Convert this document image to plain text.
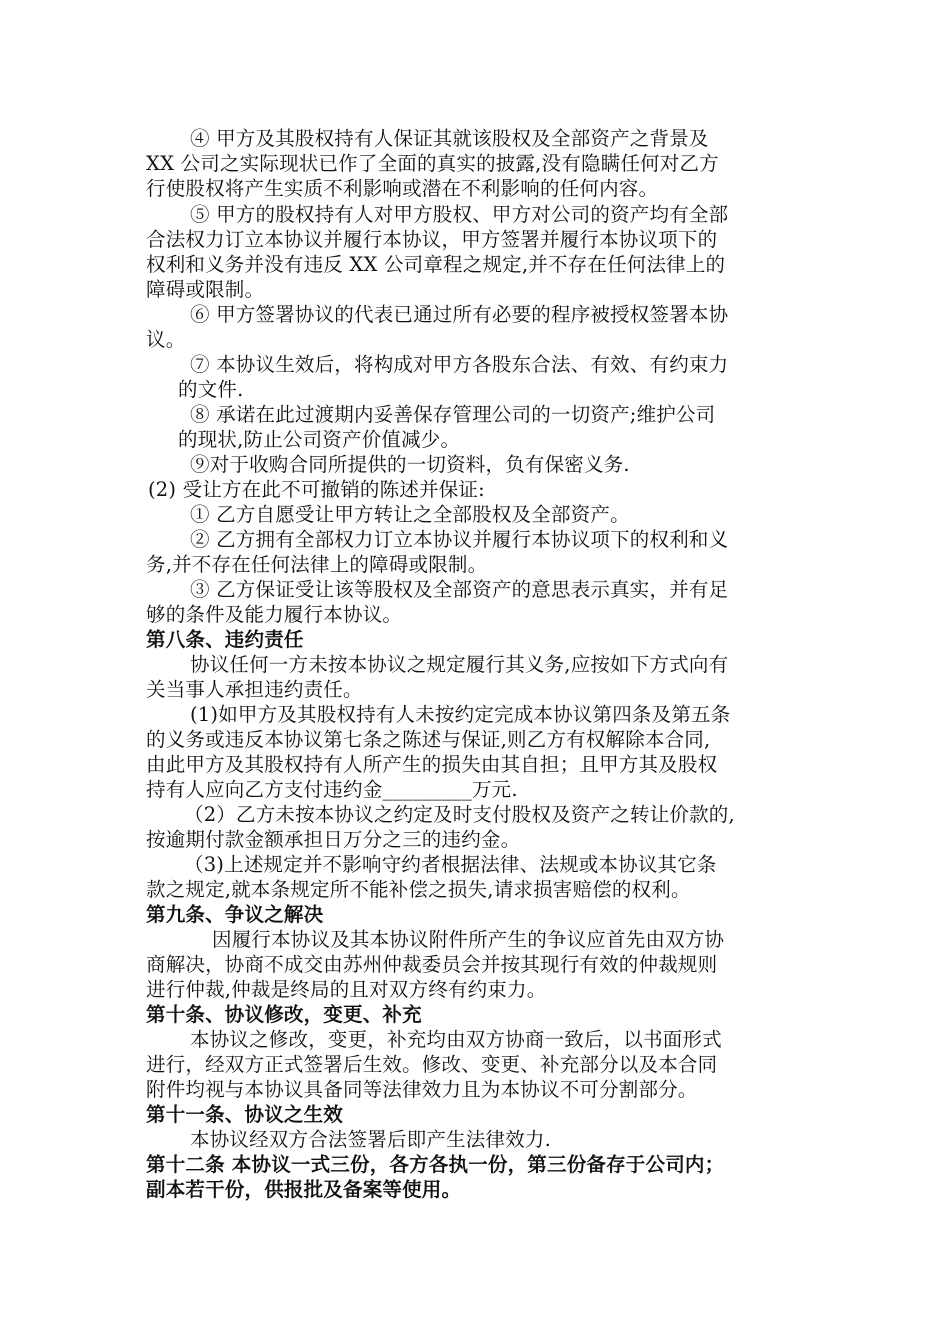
④ 甲方及其股权持有人保证其就该股权及全部资产之背景及
XX 公司之实际现状已作了全面的真实的披露,没有隐瞒任何对乙方
行使股权将产生实质不利影响或潜在不利影响的任何内容。
⑤ 甲方的股权持有人对甲方股权、甲方对公司的资产均有全部
合法权力订立本协议并履行本协议，甲方签署并履行本协议项下的
权利和义务并没有违反 XX 公司章程之规定,并不存在任何法律上的
障碍或限制。
⑥ 甲方签署协议的代表已通过所有必要的程序被授权签署本协
议。
⑦ 本协议生效后，将构成对甲方各股东合法、有效、有约束力
的文件.
⑧ 承诺在此过渡期内妥善保存管理公司的一切资产;维护公司
的现状,防止公司资产价值减少。
⑨对于收购合同所提供的一切资料，负有保密义务.
(2) 受让方在此不可撤销的陈述并保证:
① 乙方自愿受让甲方转让之全部股权及全部资产。
② 乙方拥有全部权力订立本协议并履行本协议项下的权利和义
务,并不存在任何法律上的障碍或限制。
③ 乙方保证受让该等股权及全部资产的意思表示真实，并有足
够的条件及能力履行本协议。
第八条、违约责任
协议任何一方未按本协议之规定履行其义务,应按如下方式向有
关当事人承担违约责任。
(1)如甲方及其股权持有人未按约定完成本协议第四条及第五条
的义务或违反本协议第七条之陈述与保证,则乙方有权解除本合同,
由此甲方及其股权持有人所产生的损失由其自担；且甲方其及股权
持有人应向乙方支付违约金_________万元.
（2）乙方未按本协议之约定及时支付股权及资产之转让价款的,
按逾期付款金额承担日万分之三的违约金。
（3)上述规定并不影响守约者根据法律、法规或本协议其它条
款之规定,就本条规定所不能补偿之损失,请求损害赔偿的权利。
第九条、争议之解决
因履行本协议及其本协议附件所产生的争议应首先由双方协
商解决，协商不成交由苏州仲裁委员会并按其现行有效的仲裁规则
进行仲裁,仲裁是终局的且对双方终有约束力。
第十条、协议修改，变更、补充
本协议之修改，变更，补充均由双方协商一致后，以书面形式
进行，经双方正式签署后生效。修改、变更、补充部分以及本合同
附件均视与本协议具备同等法律效力且为本协议不可分割部分。
第十一条、协议之生效
本协议经双方合法签署后即产生法律效力.
第十二条 本协议一式三份，各方各执一份，第三份备存于公司内；
副本若干份，供报批及备案等使用。
